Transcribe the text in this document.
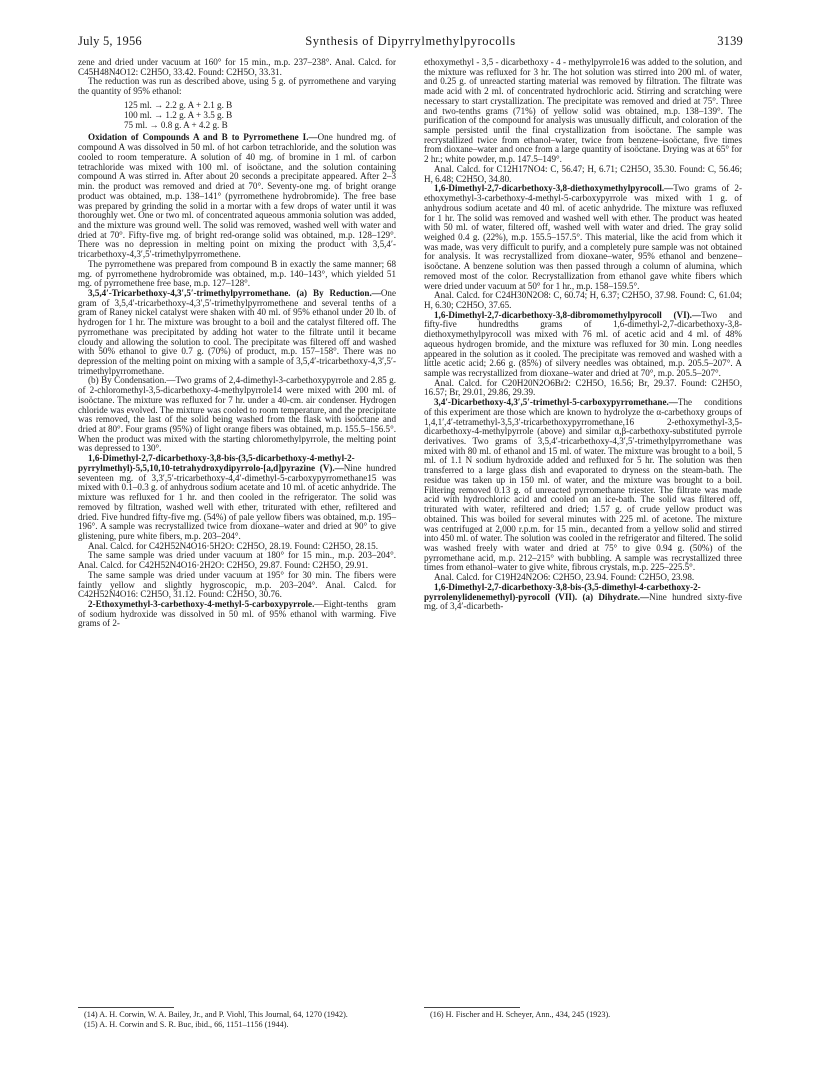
July 5, 1956	Synthesis of Dipyrrylmethylpyrocolls	3139

zene and dried under vacuum at 160° for 15 min., m.p. 237–238°. Anal. Calcd. for C45H48N4O12: C2H5O, 33.42. Found: C2H5O, 33.31.

The reduction was run as described above, using 5 g. of pyrromethene and varying the quantity of 95% ethanol:

125 ml. → 2.2 g. A + 2.1 g. B
100 ml. → 1.2 g. A + 3.5 g. B
75 ml. → 0.8 g. A + 4.2 g. B

Oxidation of Compounds A and B to Pyrromethene I.—One hundred mg. of compound A was dissolved in 50 ml. of hot carbon tetrachloride, and the solution was cooled to room temperature. A solution of 40 mg. of bromine in 1 ml. of carbon tetrachloride was mixed with 100 ml. of isoöctane, and the solution containing compound A was stirred in. After about 20 seconds a precipitate appeared. After 2–3 min. the product was removed and dried at 70°. Seventy-one mg. of bright orange product was obtained, m.p. 138–141° (pyrromethene hydrobromide). The free base was prepared by grinding the solid in a mortar with a few drops of water until it was thoroughly wet. One or two ml. of concentrated aqueous ammonia solution was added, and the mixture was ground well. The solid was removed, washed well with water and dried at 70°. Fifty-five mg. of bright red-orange solid was obtained, m.p. 128–129°. There was no depression in melting point on mixing the product with 3,5,4′-tricarbethoxy-4,3′,5′-trimethylpyrromethene.

The pyrromethene was prepared from compound B in exactly the same manner; 68 mg. of pyrromethene hydrobromide was obtained, m.p. 140–143°, which yielded 51 mg. of pyrromethene free base, m.p. 127–128°.

3,5,4′-Tricarbethoxy-4,3′,5′-trimethylpyrromethane. (a) By Reduction.—One gram of 3,5,4′-tricarbethoxy-4,3′,5′-trimethylpyrromethene and several tenths of a gram of Raney nickel catalyst were shaken with 40 ml. of 95% ethanol under 20 lb. of hydrogen for 1 hr. The mixture was brought to a boil and the catalyst filtered off. The pyrromethane was precipitated by adding hot water to the filtrate until it became cloudy and allowing the solution to cool. The precipitate was filtered off and washed with 50% ethanol to give 0.7 g. (70%) of product, m.p. 157–158°. There was no depression of the melting point on mixing with a sample of 3,5,4′-tricarbethoxy-4,3′,5′-trimethylpyrromethane.

(b) By Condensation.—Two grams of 2,4-dimethyl-3-carbethoxypyrrole and 2.85 g. of 2-chloromethyl-3,5-dicarbethoxy-4-methylpyrrole14 were mixed with 200 ml. of isoöctane. The mixture was refluxed for 7 hr. under a 40-cm. air condenser. Hydrogen chloride was evolved. The mixture was cooled to room temperature, and the precipitate was removed, the last of the solid being washed from the flask with isoöctane and dried at 80°. Four grams (95%) of light orange fibers was obtained, m.p. 155.5–156.5°. When the product was mixed with the starting chloromethylpyrrole, the melting point was depressed to 130°.

1,6-Dimethyl-2,7-dicarbethoxy-3,8-bis-(3,5-dicarbethoxy-4-methyl-2-pyrrylmethyl)-5,5,10,10-tetrahydroxydipyrrolo-[a,d]pyrazine (V).—Nine hundred seventeen mg. of 3,3′,5′-tricarbethoxy-4,4′-dimethyl-5-carboxypyrromethane15 was mixed with 0.1–0.3 g. of anhydrous sodium acetate and 10 ml. of acetic anhydride. The mixture was refluxed for 1 hr. and then cooled in the refrigerator. The solid was removed by filtration, washed well with ether, triturated with ether, refiltered and dried. Five hundred fifty-five mg. (54%) of pale yellow fibers was obtained, m.p. 195–196°. A sample was recrystallized twice from dioxane–water and dried at 90° to give glistening, pure white fibers, m.p. 203–204°.

Anal. Calcd. for C42H52N4O16·5H2O: C2H5O, 28.19. Found: C2H5O, 28.15.

The same sample was dried under vacuum at 180° for 15 min., m.p. 203–204°. Anal. Calcd. for C42H52N4O16·2H2O: C2H5O, 29.87. Found: C2H5O, 29.91.

The same sample was dried under vacuum at 195° for 30 min. The fibers were faintly yellow and slightly hygroscopic, m.p. 203–204°. Anal. Calcd. for C42H52N4O16: C2H5O, 31.12. Found: C2H5O, 30.76.

2-Ethoxymethyl-3-carbethoxy-4-methyl-5-carboxypyrrole.—Eight-tenths gram of sodium hydroxide was dissolved in 50 ml. of 95% ethanol with warming. Five grams of 2-

ethoxymethyl - 3,5 - dicarbethoxy - 4 - methylpyrrole16 was added to the solution, and the mixture was refluxed for 3 hr. The hot solution was stirred into 200 ml. of water, and 0.25 g. of unreacted starting material was removed by filtration. The filtrate was made acid with 2 ml. of concentrated hydrochloric acid. Stirring and scratching were necessary to start crystallization. The precipitate was removed and dried at 75°. Three and two-tenths grams (71%) of yellow solid was obtained, m.p. 138–139°. The purification of the compound for analysis was unusually difficult, and coloration of the sample persisted until the final crystallization from isoöctane. The sample was recrystallized twice from ethanol–water, twice from benzene–isoöctane, five times from dioxane–water and once from a large quantity of isoöctane. Drying was at 65° for 2 hr.; white powder, m.p. 147.5–149°.

Anal. Calcd. for C12H17NO4: C, 56.47; H, 6.71; C2H5O, 35.30. Found: C, 56.46; H, 6.48; C2H5O, 34.80.

1,6-Dimethyl-2,7-dicarbethoxy-3,8-diethoxymethylpyrocoll.—Two grams of 2-ethoxymethyl-3-carbethoxy-4-methyl-5-carboxypyrrole was mixed with 1 g. of anhydrous sodium acetate and 40 ml. of acetic anhydride. The mixture was refluxed for 1 hr. The solid was removed and washed well with ether. The product was heated with 50 ml. of water, filtered off, washed well with water and dried. The gray solid weighed 0.4 g. (22%), m.p. 155.5–157.5°. This material, like the acid from which it was made, was very difficult to purify, and a completely pure sample was not obtained for analysis. It was recrystallized from dioxane–water, 95% ethanol and benzene–isoöctane. A benzene solution was then passed through a column of alumina, which removed most of the color. Recrystallization from ethanol gave white fibers which were dried under vacuum at 50° for 1 hr., m.p. 158–159.5°.

Anal. Calcd. for C24H30N2O8: C, 60.74; H, 6.37; C2H5O, 37.98. Found: C, 61.04; H, 6.30; C2H5O, 37.65.

1,6-Dimethyl-2,7-dicarbethoxy-3,8-dibromomethylpyrocoll (VI).—Two and fifty-five hundredths grams of 1,6-dimethyl-2,7-dicarbethoxy-3,8-diethoxymethylpyrocoll was mixed with 76 ml. of acetic acid and 4 ml. of 48% aqueous hydrogen bromide, and the mixture was refluxed for 30 min. Long needles appeared in the solution as it cooled. The precipitate was removed and washed with a little acetic acid; 2.66 g. (85%) of silvery needles was obtained, m.p. 205.5–207°. A sample was recrystallized from dioxane–water and dried at 70°, m.p. 205.5–207°.

Anal. Calcd. for C20H20N2O6Br2: C2H5O, 16.56; Br, 29.37. Found: C2H5O, 16.57; Br, 29.01, 29.86, 29.39.

3,4′-Dicarbethoxy-4,3′,5′-trimethyl-5-carboxypyrromethane.—The conditions of this experiment are those which are known to hydrolyze the α-carbethoxy groups of 1,4,1′,4′-tetramethyl-3,5,3′-tricarbethoxypyrromethane,16 2-ethoxymethyl-3,5-dicarbethoxy-4-methylpyrrole (above) and similar α,β-carbethoxy-substituted pyrrole derivatives. Two grams of 3,5,4′-tricarbethoxy-4,3′,5′-trimethylpyrromethane was mixed with 80 ml. of ethanol and 15 ml. of water. The mixture was brought to a boil, 5 ml. of 1.1 N sodium hydroxide added and refluxed for 5 hr. The solution was then transferred to a large glass dish and evaporated to dryness on the steam-bath. The residue was taken up in 150 ml. of water, and the mixture was brought to a boil. Filtering removed 0.13 g. of unreacted pyrromethane triester. The filtrate was made acid with hydrochloric acid and cooled on an ice-bath. The solid was filtered off, triturated with water, refiltered and dried; 1.57 g. of crude yellow product was obtained. This was boiled for several minutes with 225 ml. of acetone. The mixture was centrifuged at 2,000 r.p.m. for 15 min., decanted from a yellow solid and stirred into 450 ml. of water. The solution was cooled in the refrigerator and filtered. The solid was washed freely with water and dried at 75° to give 0.94 g. (50%) of the pyrromethane acid, m.p. 212–215° with bubbling. A sample was recrystallized three times from ethanol–water to give white, fibrous crystals, m.p. 225–225.5°.

Anal. Calcd. for C19H24N2O6: C2H5O, 23.94. Found: C2H5O, 23.98.

1,6-Dimethyl-2,7-dicarbethoxy-3,8-bis-(3,5-dimethyl-4-carbethoxy-2-pyrrolenylidenemethyl)-pyrocoll (VII). (a) Dihydrate.—Nine hundred sixty-five mg. of 3,4′-dicarbeth-

(14) A. H. Corwin, W. A. Bailey, Jr., and P. Viohl, This Journal, 64, 1270 (1942).
(15) A. H. Corwin and S. R. Buc, ibid., 66, 1151–1156 (1944).
(16) H. Fischer and H. Scheyer, Ann., 434, 245 (1923).
